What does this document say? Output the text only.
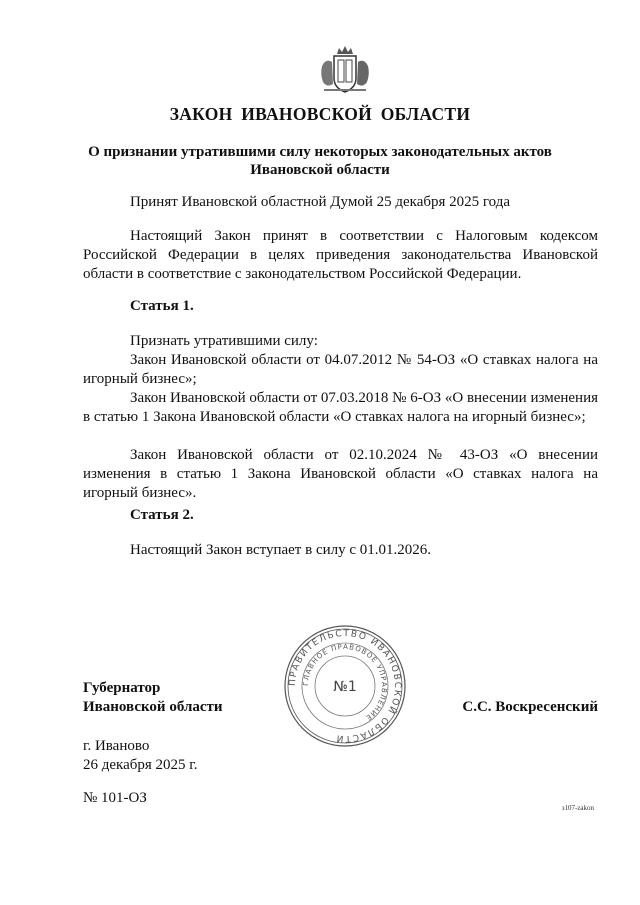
ЗАКОН ИВАНОВСКОЙ ОБЛАСТИ
О признании утратившими силу некоторых законодательных актов
Ивановской области
Принят Ивановской областной Думой 25 декабря 2025 года
Настоящий Закон принят в соответствии с Налоговым кодексом Российской Федерации в целях приведения законодательства Ивановской области в соответствие с законодательством Российской Федерации.
Статья 1.
Признать утратившими силу:
Закон Ивановской области от 04.07.2012 № 54-ОЗ «О ставках налога на игорный бизнес»;
Закон Ивановской области от 07.03.2018 № 6-ОЗ «О внесении изменения в статью 1 Закона Ивановской области «О ставках налога на игорный бизнес»;
Закон Ивановской области от 02.10.2024 № 43-ОЗ «О внесении изменения в статью 1 Закона Ивановской области «О ставках налога на игорный бизнес».
Статья 2.
Настоящий Закон вступает в силу с 01.01.2026.
ПРАВИТЕЛЬСТВО ИВАНОВСКОЙ ОБЛАСТИ
ГЛАВНОЕ ПРАВОВОЕ УПРАВЛЕНИЕ
№1
Губернатор
Ивановской области	С.С. Воскресенский
г. Иваново
26 декабря 2025 г.
№ 101-ОЗ
з107-zakon
